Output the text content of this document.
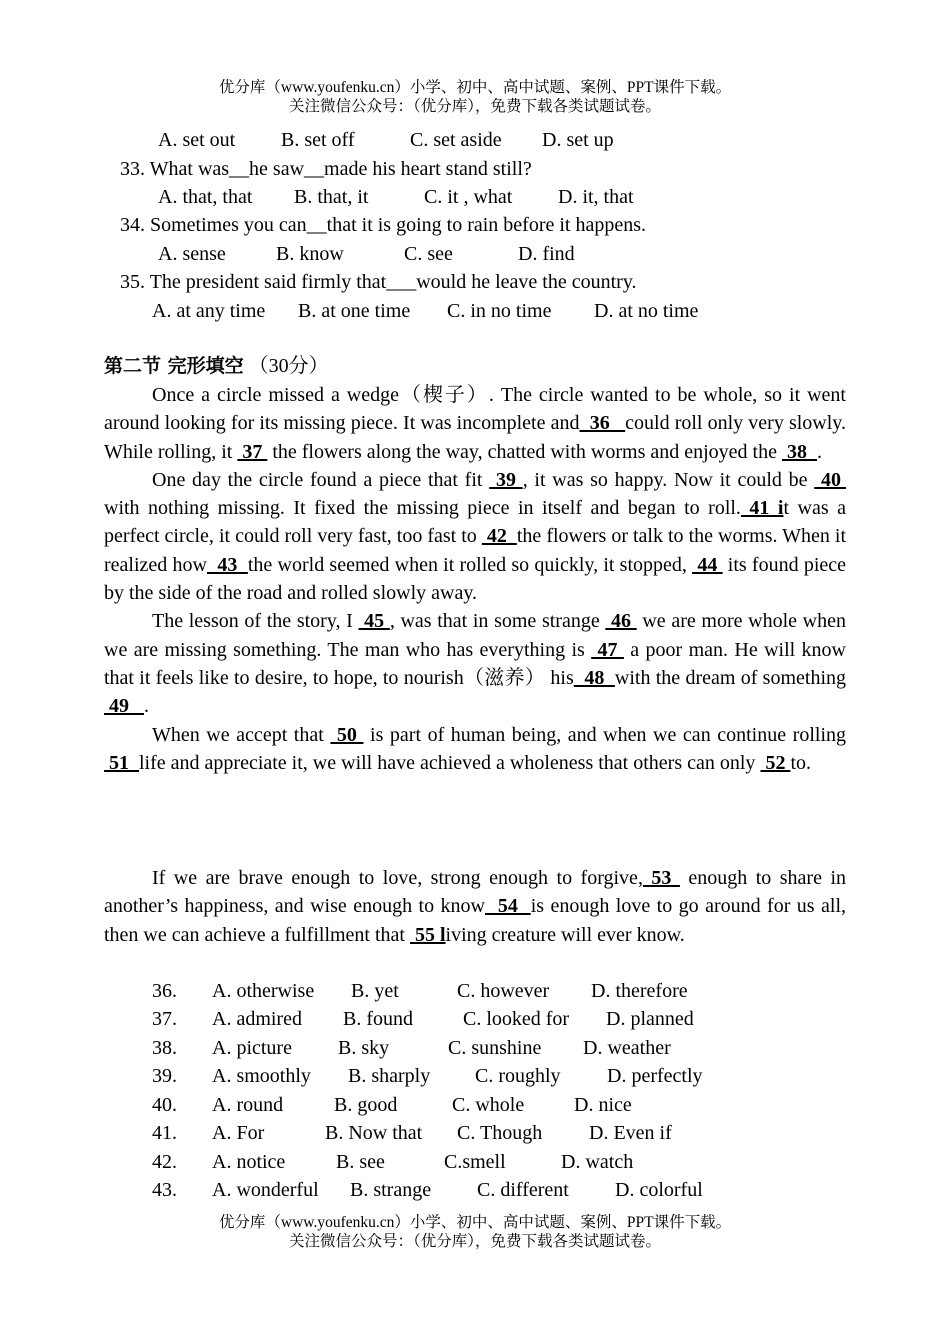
优分库（www.youfenku.cn）小学、初中、高中试题、案例、PPT课件下载。
关注微信公众号：（优分库），免费下载各类试题试卷。
A. set out B. set off	C. set aside D. set up
33. What was__he saw__made his heart stand still?
A. that, that B. that, it	C. it , what D. it, that
34. Sometimes you can__that it is going to rain before it happens.
A. sense	B. know	C. see	D. find
35. The president said firmly that___would he leave the country.
A. at any time B. at one time C. in no time D. at no time
第二节 完形填空 （30分）

Once a circle missed a wedge（楔子）. The circle wanted to be whole, so it went around looking for its missing piece. It was incomplete and  36   could roll only very slowly. While rolling, it  37  the flowers along the way, chatted with worms and enjoyed the  38  .

One day the circle found a piece that fit  39 , it was so happy. Now it could be  40  with nothing missing. It fixed the missing piece in itself and began to roll. 41 it was a perfect circle, it could roll very fast, too fast to  42  the flowers or talk to the worms. When it realized how  43  the world seemed when it rolled so quickly, it stopped,  44  its found piece by the side of the road and rolled slowly away.

The lesson of the story, I  45 , was that in some strange  46  we are more whole when we are missing something. The man who has everything is  47  a poor man. He will know that it feels like to desire, to hope, to nourish（滋养） his  48  with the dream of something 49   .

When we accept that  50  is part of human being, and when we can continue rolling  51  life and appreciate it, we will have achieved a wholeness that others can only  52 to.

If we are brave enough to love, strong enough to forgive, 53  enough to share in another’s happiness, and wise enough to know  54  is enough love to go around for us all, then we can achieve a fulfillment that  55 living creature will ever know.

36. A. otherwise B. yet	C. however D. therefore
37. A. admired B. found	C. looked for D. planned
38. A. picture B. sky	C. sunshine D. weather
39. A. smoothly B. sharply C. roughly D. perfectly
40. A. round	B. good	C. whole D. nice
41. A. For	B. Now that C. Though D. Even if
42. A. notice	B. see	C.smell	D. watch
43. A. wonderful B. strange C. different D. colorful
优分库（www.youfenku.cn）小学、初中、高中试题、案例、PPT课件下载。
关注微信公众号：（优分库），免费下载各类试题试卷。
